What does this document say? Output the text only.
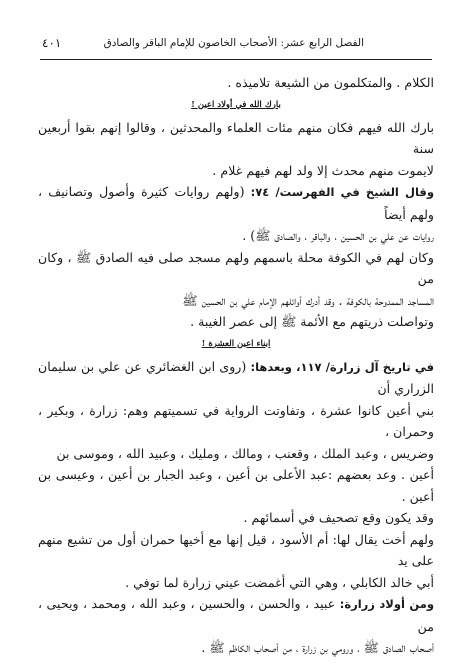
الفصل الرابع عشر: الأصحاب الخاصون للإمام الباقر والصادق
٤٠١

الكلام . والمتكلمون من الشيعة تلاميذه .

بارك الله في أولاد اعين !

بارك الله فيهم فكان منهم مئات العلماء والمحدثين ، وقالوا إنهم بقوا أربعين سنة

لايموت منهم محدث إلا ولد لهم فيهم غلام .

وقال الشيخ في الفهرست/ ٧٤: (ولهم روايات كثيرة وأصول وتصانيف ، ولهم أيضاً

روايات عن علي بن الحسين ، والباقر ، والصادق ﷺ) .

وكان لهم في الكوفة محلة باسمهم ولهم مسجد صلى فيه الصادق ﷺ ، وكان من

المساجد الممدوحة بالكوفة . وقد أدرك أوائلهم الإمام علي بن الحسين ﷺ

وتواصلت ذريتهم مع الأئمة ﷺ إلى عصر الغيبة .

ابناء اعين العشرة !

في تاريخ آل زرارة/ ١١٧، وبعدها: (روى ابن الغضائري عن علي بن سليمان الزراري أن

بني أعين كانوا عشرة ، وتفاوتت الرواية في تسميتهم وهم: زرارة ، وبكير ، وحمران ،

وضريس ، وعبد الملك ، وقعنب ، ومالك ، ومليك ، وعبيد الله ، وموسى بن

أعين . وعد بعضهم :عبد الأعلى بن أعين ، وعبد الجبار بن أعين ، وعيسى بن أعين .

وقد يكون وقع تصحيف في أسمائهم .

ولهم أخت يقال لها: أم الأسود ، قيل إنها مع أخيها حمران أول من تشيع منهم على يد

أبي خالد الكابلي ، وهي التي أغمضت عيني زرارة لما توفي .

ومن أولاد زرارة: عبيد ، والحسن ، والحسين ، وعبد الله ، ومحمد ، ويحيى ، من

أصحاب الصادق ﷺ ، ورومي بن زرارة ، من أصحاب الكاظم ﷺ .
